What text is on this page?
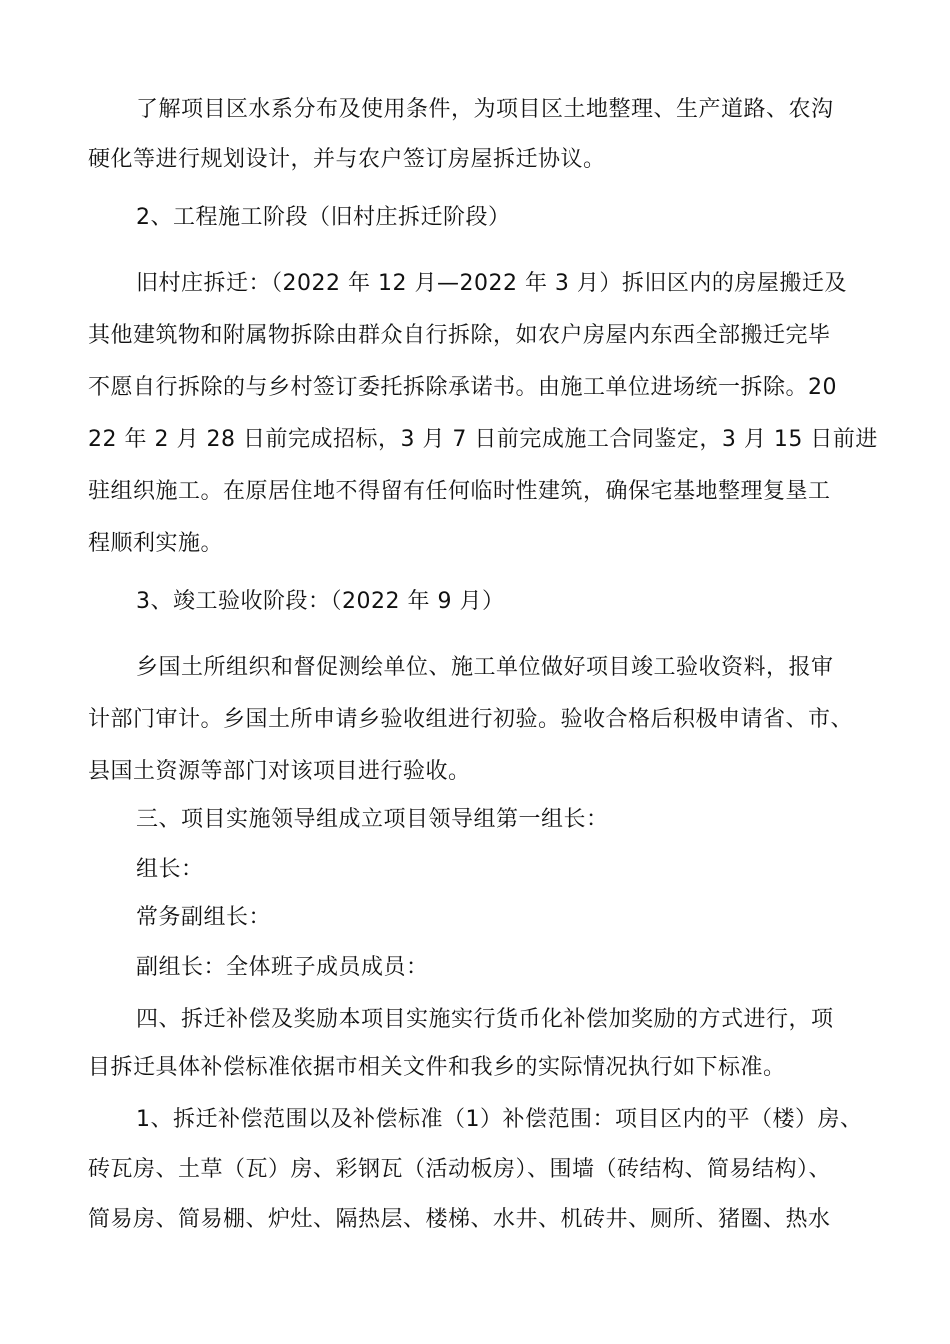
了解项目区水系分布及使用条件，为项目区土地整理、生产道路、农沟
硬化等进行规划设计，并与农户签订房屋拆迁协议。
2、工程施工阶段（旧村庄拆迁阶段）
旧村庄拆迁：（2022 年 12 月—2022 年 3 月）拆旧区内的房屋搬迁及
其他建筑物和附属物拆除由群众自行拆除，如农户房屋内东西全部搬迁完毕
不愿自行拆除的与乡村签订委托拆除承诺书。由施工单位进场统一拆除。20
22 年 2 月 28 日前完成招标，3 月 7 日前完成施工合同鉴定，3 月 15 日前进
驻组织施工。在原居住地不得留有任何临时性建筑，确保宅基地整理复垦工
程顺利实施。
3、竣工验收阶段：（2022 年 9 月）
乡国土所组织和督促测绘单位、施工单位做好项目竣工验收资料，报审
计部门审计。乡国土所申请乡验收组进行初验。验收合格后积极申请省、市、
县国土资源等部门对该项目进行验收。
三、项目实施领导组成立项目领导组第一组长：
组长：
常务副组长：
副组长：全体班子成员成员：
四、拆迁补偿及奖励本项目实施实行货币化补偿加奖励的方式进行，项
目拆迁具体补偿标准依据市相关文件和我乡的实际情况执行如下标准。
1、拆迁补偿范围以及补偿标准（1）补偿范围：项目区内的平（楼）房、
砖瓦房、土草（瓦）房、彩钢瓦（活动板房）、围墙（砖结构、简易结构）、
简易房、简易棚、炉灶、隔热层、楼梯、水井、机砖井、厕所、猪圈、热水
